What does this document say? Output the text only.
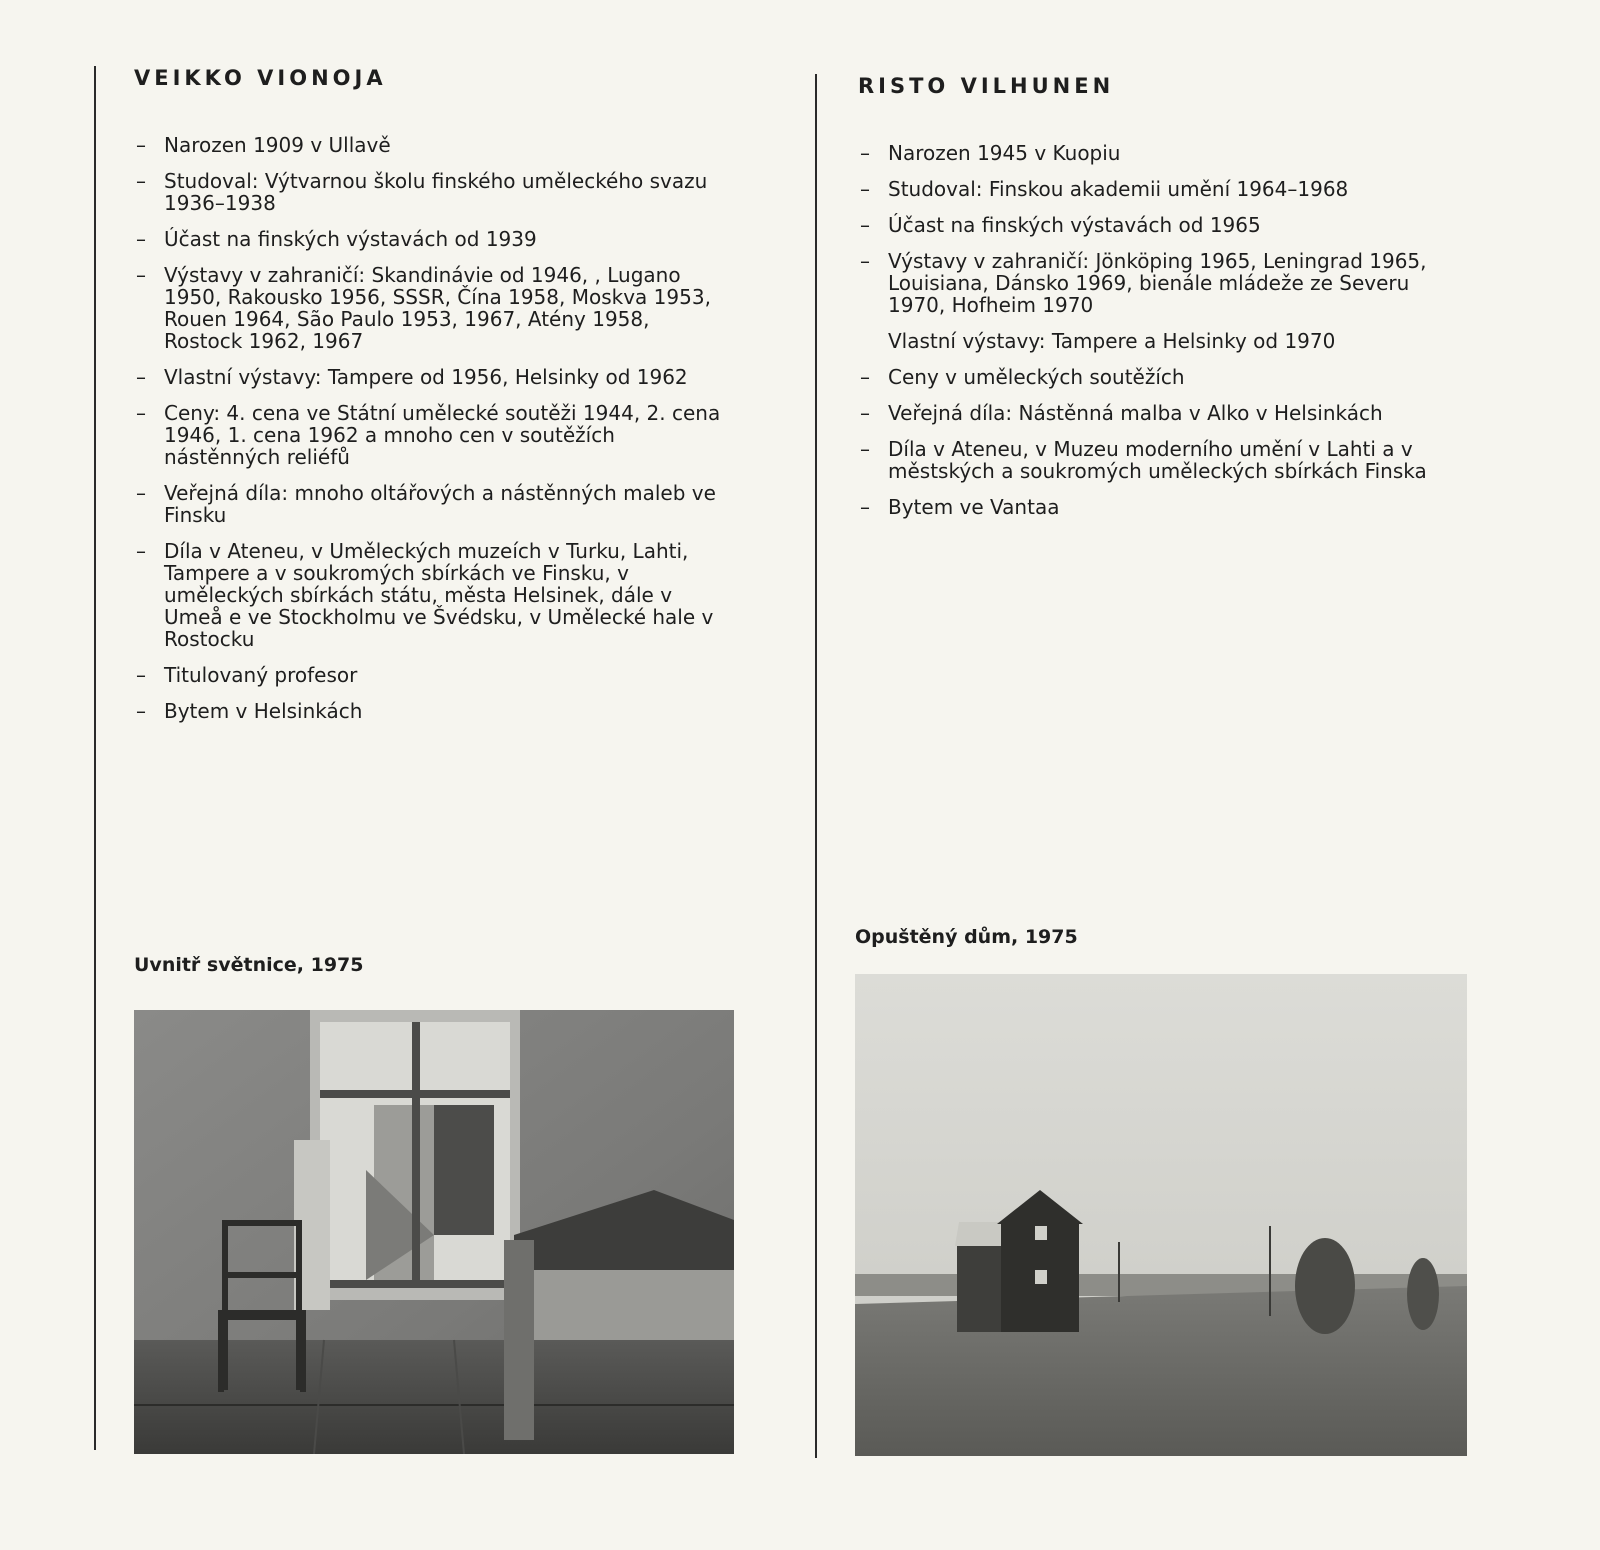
VEIKKO VIONOJA
– Narozen 1909 v Ullavě
– Studoval: Výtvarnou školu finského uměleckého svazu 1936–1938
– Účast na finských výstavách od 1939
– Výstavy v zahraničí: Skandinávie od 1946, , Lugano 1950, Rakousko 1956, SSSR, Čína 1958, Moskva 1953, Rouen 1964, São Paulo 1953, 1967, Atény 1958, Rostock 1962, 1967
– Vlastní výstavy: Tampere od 1956, Helsinky od 1962
– Ceny: 4. cena ve Státní umělecké soutěži 1944, 2. cena 1946, 1. cena 1962 a mnoho cen v soutěžích nástěnných reliéfů
– Veřejná díla: mnoho oltářových a nástěnných maleb ve Finsku
– Díla v Ateneu, v Uměleckých muzeích v Turku, Lahti, Tampere a v soukromých sbírkách ve Finsku, v uměleckých sbírkách státu, města Helsinek, dále v Umeå e ve Stockholmu ve Švédsku, v Umělecké hale v Rostocku
– Titulovaný profesor
– Bytem v Helsinkách

Uvnitř světnice, 1975

RISTO VILHUNEN
– Narozen 1945 v Kuopiu
– Studoval: Finskou akademii umění 1964–1968
– Účast na finských výstavách od 1965
– Výstavy v zahraničí: Jönköping 1965, Leningrad 1965, Louisiana, Dánsko 1969, bienále mládeže ze Severu 1970, Hofheim 1970
Vlastní výstavy: Tampere a Helsinky od 1970
– Ceny v uměleckých soutěžích
– Veřejná díla: Nástěnná malba v Alko v Helsinkách
– Díla v Ateneu, v Muzeu moderního umění v Lahti a v městských a soukromých uměleckých sbírkách Finska
– Bytem ve Vantaa

Opuštěný dům, 1975
